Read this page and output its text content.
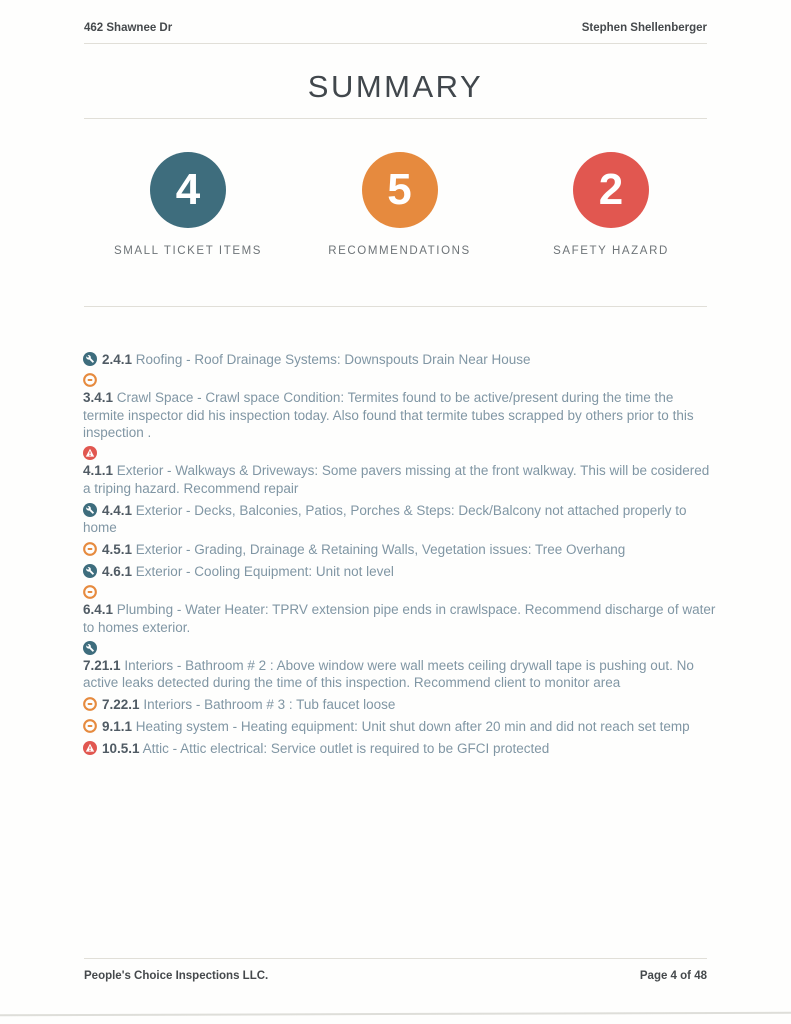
462 Shawnee Dr	Stephen Shellenberger
SUMMARY
4
SMALL TICKET ITEMS
5
RECOMMENDATIONS
2
SAFETY HAZARD
2.4.1 Roofing - Roof Drainage Systems: Downspouts Drain Near House
3.4.1 Crawl Space - Crawl space Condition: Termites found to be active/present during the time the termite inspector did his inspection today. Also found that termite tubes scrapped by others prior to this inspection .
4.1.1 Exterior - Walkways & Driveways: Some pavers missing at the front walkway. This will be cosidered a triping hazard. Recommend repair
4.4.1 Exterior - Decks, Balconies, Patios, Porches & Steps: Deck/Balcony not attached properly to home
4.5.1 Exterior - Grading, Drainage & Retaining Walls, Vegetation issues: Tree Overhang
4.6.1 Exterior - Cooling Equipment: Unit not level
6.4.1 Plumbing - Water Heater: TPRV extension pipe ends in crawlspace. Recommend discharge of water to homes exterior.
7.21.1 Interiors - Bathroom # 2 : Above window were wall meets ceiling drywall tape is pushing out. No active leaks detected during the time of this inspection. Recommend client to monitor area
7.22.1 Interiors - Bathroom # 3 : Tub faucet loose
9.1.1 Heating system - Heating equipment: Unit shut down after 20 min and did not reach set temp
10.5.1 Attic - Attic electrical: Service outlet is required to be GFCI protected
People's Choice Inspections LLC.	Page 4 of 48
